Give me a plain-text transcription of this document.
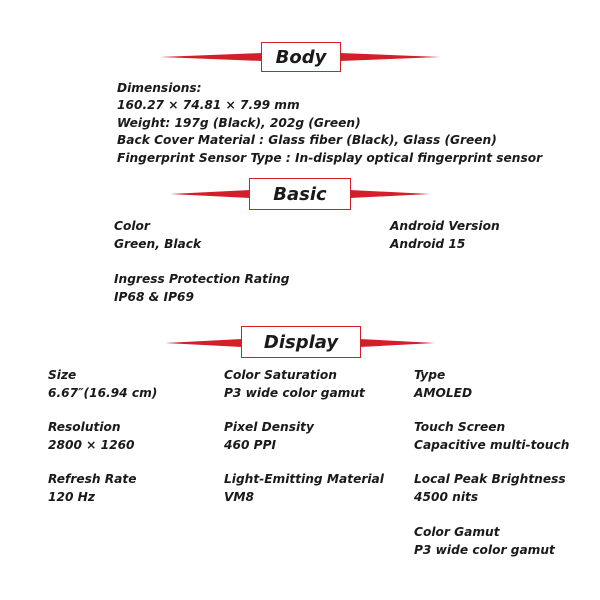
Body
Dimensions:
160.27 × 74.81 × 7.99 mm
Weight: 197g (Black), 202g (Green)
Back Cover Material : Glass fiber (Black), Glass (Green)
Fingerprint Sensor Type : In-display optical fingerprint sensor
Basic
Color
Green, Black
Android Version
Android 15
Ingress Protection Rating
IP68 & IP69
Display
Size
6.67″(16.94 cm)
Resolution
2800 × 1260
Refresh Rate
120 Hz
Color Saturation
P3 wide color gamut
Pixel Density
460 PPI
Light-Emitting Material
VM8
Type
AMOLED
Touch Screen
Capacitive multi-touch
Local Peak Brightness
4500 nits
Color Gamut
P3 wide color gamut
